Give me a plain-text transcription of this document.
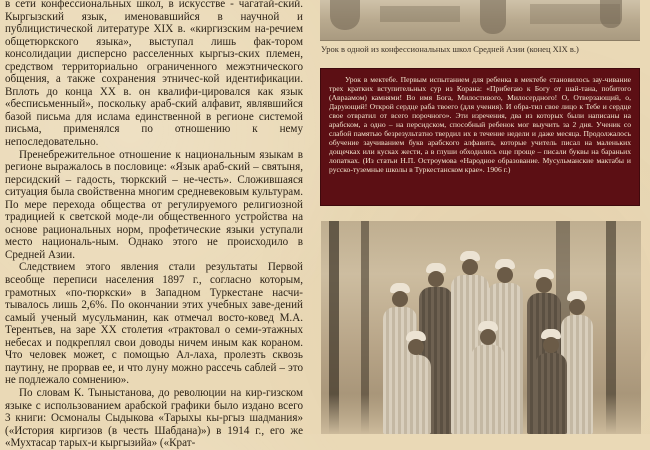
в сети конфессиональных школ, в искусстве - чагатай-ский. Кыргызский язык, именовавшийся в научной и публицистической литературе XIX в. «киргизским на-речием общетюркского языка», выступал лишь фак-тором консолидации дисперсно расселенных кыргыз-ских племен, средством территориально ограниченного межэтнического общения, а также сохранения этничес-кой идентификации. Вплоть до конца XX в. он квалифи-цировался как язык «бесписьменный», поскольку араб-ский алфавит, являвшийся базой письма для ислама единственной в регионе системой письма, применялся по отношению к нему непоследовательно.

Пренебрежительное отношение к национальным языкам в регионе выражалось в пословице: «Язык араб-ский – святыня, персидский – гадость, тюркский – не-честь». Сложившаяся ситуация была свойственна многим средневековым культурам. По мере перехода общества от регулируемого религиозной традицией к светской моде-ли общественного устройства на основе рациональных норм, профетические языки уступали место националь-ным. Однако этого не происходило в Средней Азии.

Следствием этого явления стали результаты Первой всеобще переписи населения 1897 г., согласно которым, грамотных «по-тюркски» в Западном Туркестане насчи-тывалось лишь 2,6%. По окончании этих учебных заве-дений самый ученый мусульманин, как отмечал восто-ковед М.А. Терентьев, на заре XX столетия «трактовал о семи-этажных небесах и подкреплял свои доводы ничем иным как кораном. Что человек может, с помощью Ал-лаха, пролезть сквозь паутину, не прорвав ее, и что луну можно рассечь саблей – это не подлежало сомнению».

По словам К. Тыныстанова, до революции на кир-гизском языке с использованием арабской графики было издано всего 3 книги: Осмоналы Сыдыкова «Тарыхы кы-ргыз шадмания» («История киргизов (в честь Шабдана)») в 1914 г., его же «Мухтасар тарых-и кыргызийа» («Крат-

Урок в одной из конфессиональных школ Средней Азии (конец XIX в.)

Урок в мектебе. Первым испытанием для ребенка в мектебе становилось зау-чивание трех кратких вступительных сур из Корана: «Прибегаю к Богу от шай-тана, побитого (Авраамом) камнями! Во имя Бога, Милостивого, Милосердного! О, Отверзающий, о, Дарующий! Открой сердце раба твоего (для учения). И обра-тил свое лицо к Тебе и сердце свое отвратил от всего порочного». Эти изречения, два из которых были написаны на арабском, а одно – на персидском, способный ребенок мог выучить за 2 дня. Ученик со слабой памятью безрезультатно твердил их в течение недели и даже месяца. Продолжалось обучение заучиванием букв арабского алфавита, которые учитель писал на маленьких дощечках или кусках жести, а в глуши обходились еще проще – писали буквы на бараньих лопатках. (Из статьи Н.П. Остроумова «Народное образование. Мусульманские мактабы и русско-туземные школы в Туркестанском крае». 1906 г.)
